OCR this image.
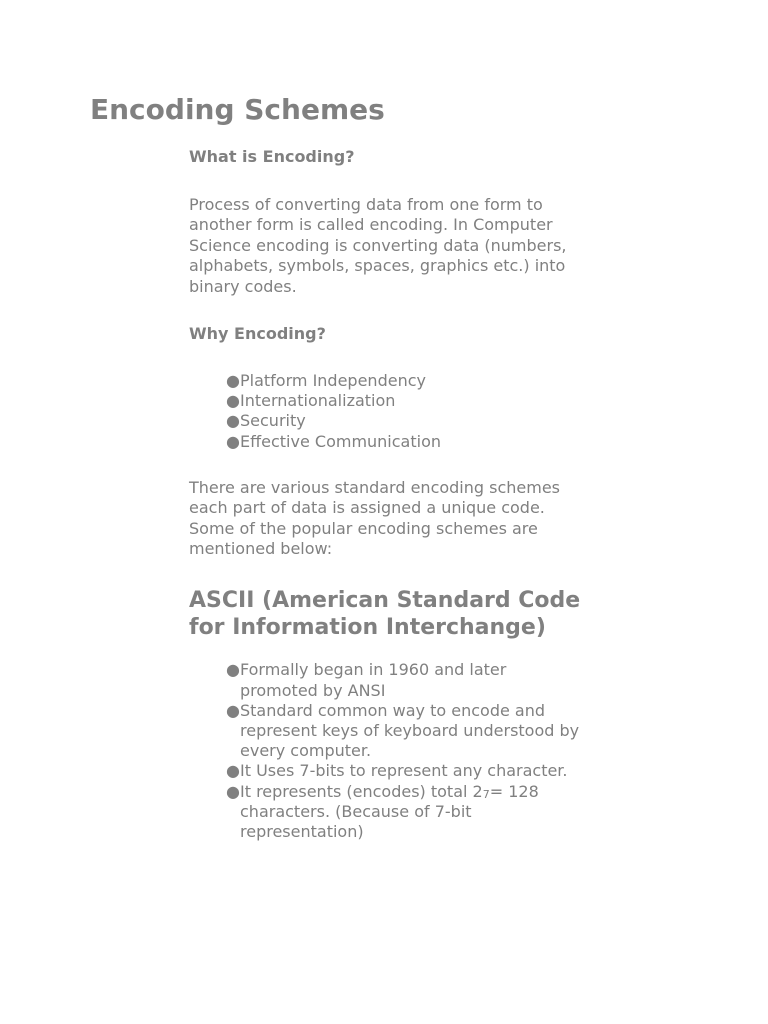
Encoding Schemes
What is Encoding?

Process of converting data from one form to another form is called encoding. In Computer Science encoding is converting data (numbers, alphabets, symbols, spaces, graphics etc.) into binary codes.

Why Encoding?
● Platform Independency
● Internationalization
● Security
● Effective Communication

There are various standard encoding schemes each part of data is assigned a unique code. Some of the popular encoding schemes are mentioned below:

ASCII (American Standard Code for Information Interchange)
● Formally began in 1960 and later promoted by ANSI
● Standard common way to encode and represent keys of keyboard understood by every computer.
● It Uses 7-bits to represent any character.
● It represents (encodes) total $2_7= 128$ characters. (Because of 7-bit representation)
